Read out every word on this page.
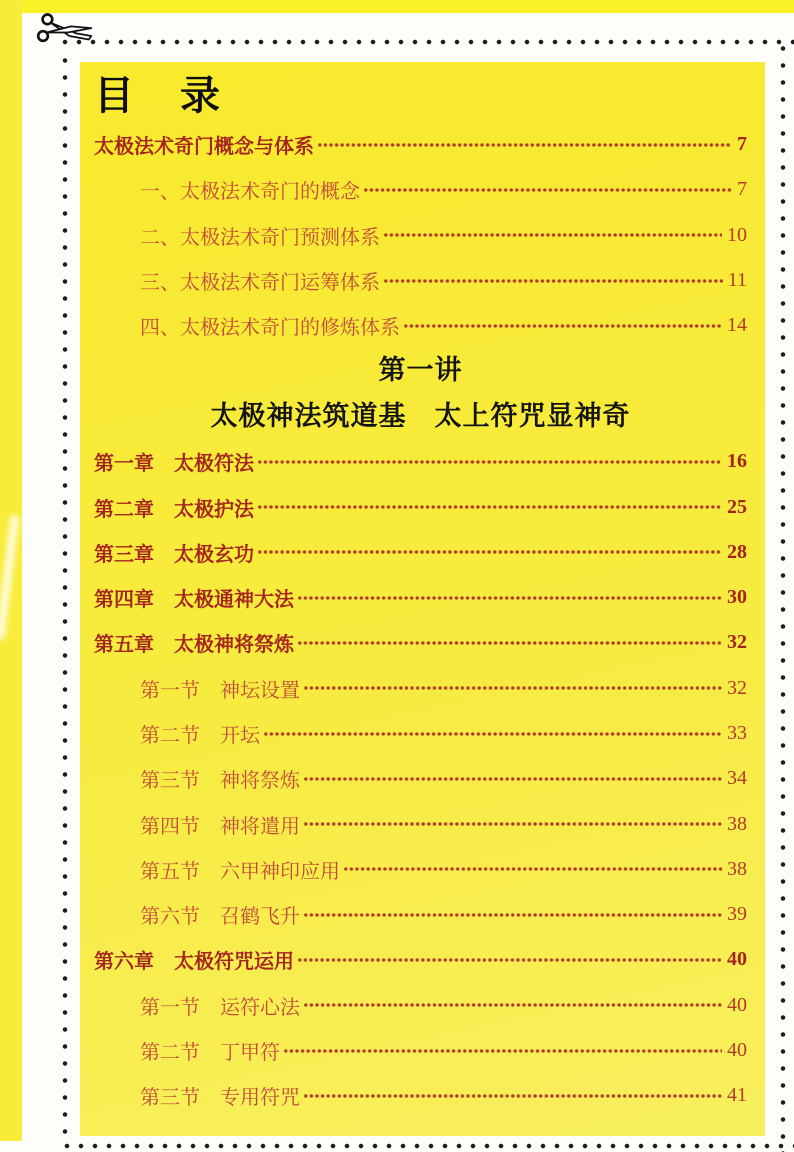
目　录
太极法术奇门概念与体系	7
一、太极法术奇门的概念	7
二、太极法术奇门预测体系	10
三、太极法术奇门运筹体系	11
四、太极法术奇门的修炼体系	14
第一讲
太极神法筑道基　太上符咒显神奇
第一章　太极符法	16
第二章　太极护法	25
第三章　太极玄功	28
第四章　太极通神大法	30
第五章　太极神将祭炼	32
第一节　神坛设置	32
第二节　开坛	33
第三节　神将祭炼	34
第四节　神将遣用	38
第五节　六甲神印应用	38
第六节　召鹤飞升	39
第六章　太极符咒运用	40
第一节　运符心法	40
第二节　丁甲符	40
第三节　专用符咒	41
